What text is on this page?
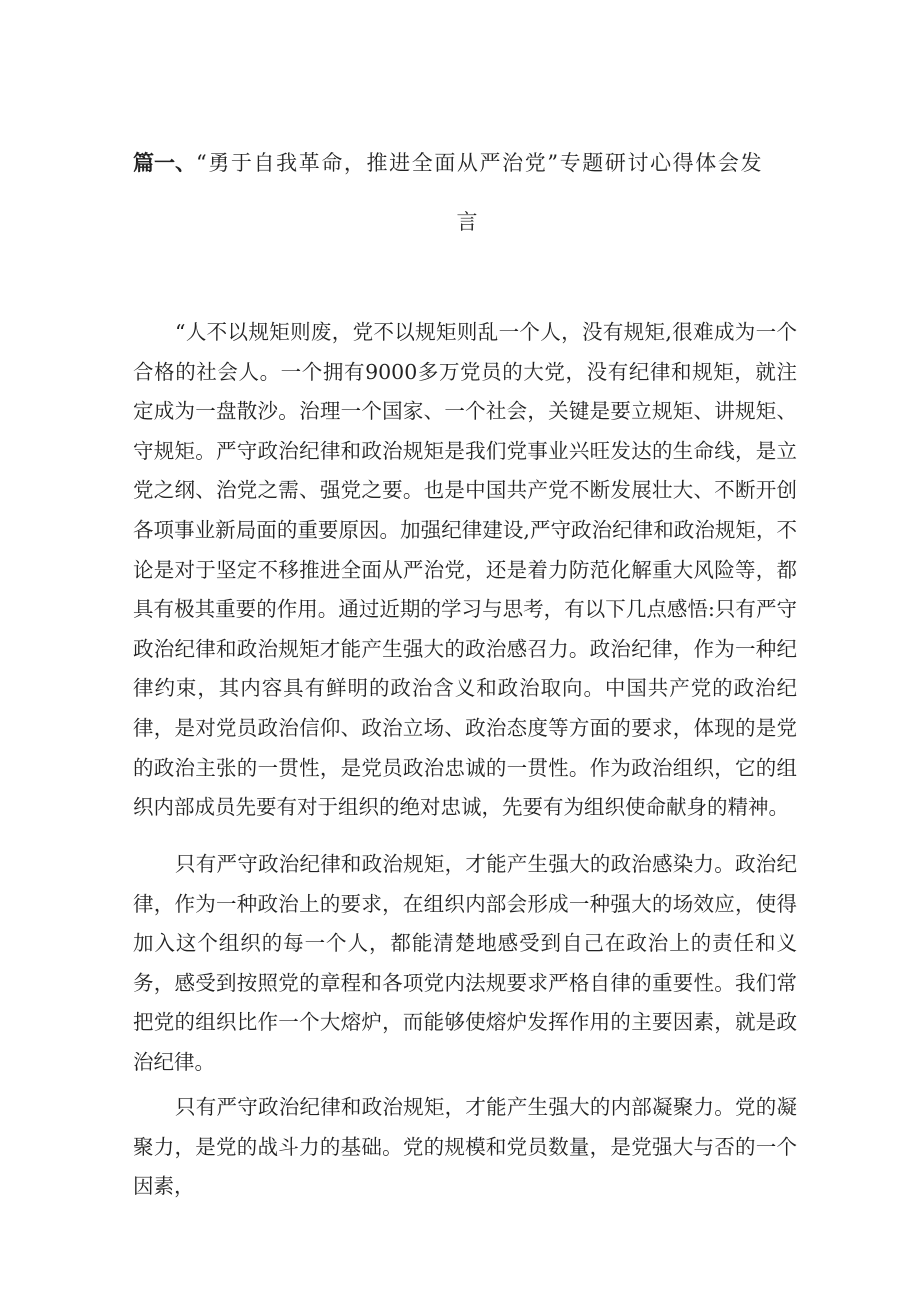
篇一、“勇于自我革命，推进全面从严治党”专题研讨心得体会发
言

“人不以规矩则废，党不以规矩则乱一个人，没有规矩,很难成为一个合格的社会人。一个拥有9000多万党员的大党，没有纪律和规矩，就注定成为一盘散沙。治理一个国家、一个社会，关键是要立规矩、讲规矩、守规矩。严守政治纪律和政治规矩是我们党事业兴旺发达的生命线，是立党之纲、治党之需、强党之要。也是中国共产党不断发展壮大、不断开创各项事业新局面的重要原因。加强纪律建设,严守政治纪律和政治规矩，不论是对于坚定不移推进全面从严治党，还是着力防范化解重大风险等，都具有极其重要的作用。通过近期的学习与思考，有以下几点感悟:只有严守政治纪律和政治规矩才能产生强大的政治感召力。政治纪律，作为一种纪律约束，其内容具有鲜明的政治含义和政治取向。中国共产党的政治纪律，是对党员政治信仰、政治立场、政治态度等方面的要求，体现的是党的政治主张的一贯性，是党员政治忠诚的一贯性。作为政治组织，它的组织内部成员先要有对于组织的绝对忠诚，先要有为组织使命献身的精神。

只有严守政治纪律和政治规矩，才能产生强大的政治感染力。政治纪律，作为一种政治上的要求，在组织内部会形成一种强大的场效应，使得加入这个组织的每一个人，都能清楚地感受到自己在政治上的责任和义务，感受到按照党的章程和各项党内法规要求严格自律的重要性。我们常把党的组织比作一个大熔炉，而能够使熔炉发挥作用的主要因素，就是政治纪律。

只有严守政治纪律和政治规矩，才能产生强大的内部凝聚力。党的凝聚力，是党的战斗力的基础。党的规模和党员数量，是党强大与否的一个因素，
